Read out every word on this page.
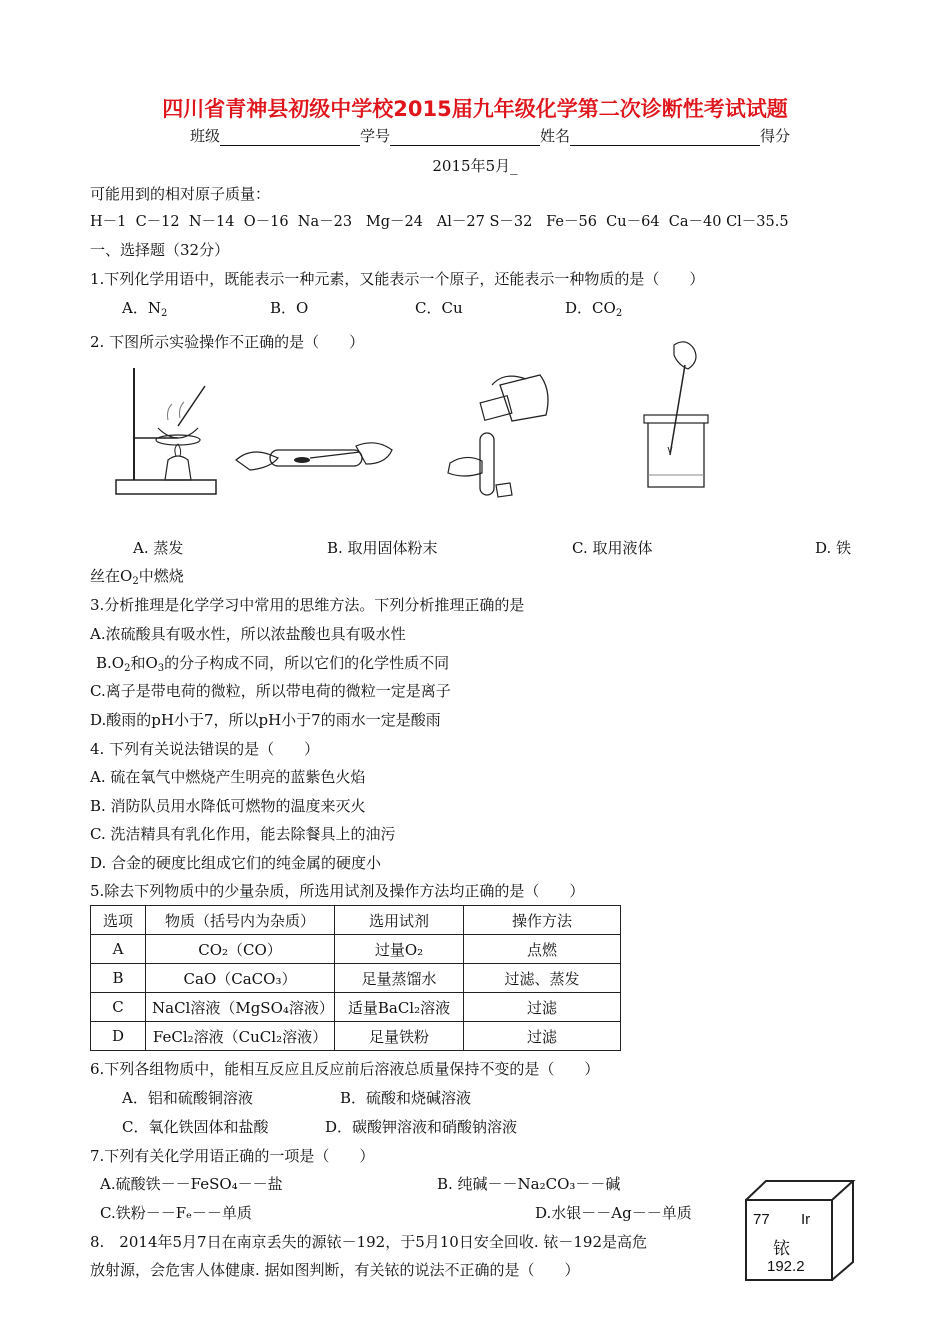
四川省青神县初级中学校2015届九年级化学第二次诊断性考试试题
班级	学号	姓名	得分
2015年5月_
可能用到的相对原子质量：
H－1  C－12  N－14  O－16  Na－23   Mg－24   Al－27 S－32   Fe－56  Cu－64  Ca－40 Cl－35.5
一、选择题（32分）
1.下列化学用语中，既能表示一种元素，又能表示一个原子，还能表示一种物质的是（　　）
A．$N_2$	B．O	C．Cu	D．$CO_2$
2. 下图所示实验操作不正确的是（　　）
A. 蒸发	B. 取用固体粉末	C. 取用液体	D. 铁
丝在$O_2$中燃烧
3.分析推理是化学学习中常用的思维方法。下列分析推理正确的是
A.浓硫酸具有吸水性，所以浓盐酸也具有吸水性
$B.O_2$和$O_3$的分子构成不同，所以它们的化学性质不同
C.离子是带电荷的微粒，所以带电荷的微粒一定是离子
D.酸雨的pH小于7，所以pH小于7的雨水一定是酸雨
4. 下列有关说法错误的是（　　）
A. 硫在氧气中燃烧产生明亮的蓝紫色火焰
B. 消防队员用水降低可燃物的温度来灭火
C. 洗洁精具有乳化作用，能去除餐具上的油污
D. 合金的硬度比组成它们的纯金属的硬度小
5.除去下列物质中的少量杂质，所选用试剂及操作方法均正确的是（　　）
选项	物质（括号内为杂质）	选用试剂	操作方法
A	CO₂（CO）	过量O₂	点燃
B	CaO（CaCO₃）	足量蒸馏水	过滤、蒸发
C	NaCl溶液（MgSO₄溶液）	适量BaCl₂溶液	过滤
D	FeCl₂溶液（CuCl₂溶液）	足量铁粉	过滤
6.下列各组物质中，能相互反应且反应前后溶液总质量保持不变的是（　　）
A．铝和硫酸铜溶液	B．硫酸和烧碱溶液
C．氧化铁固体和盐酸	D．碳酸钾溶液和硝酸钠溶液
7.下列有关化学用语正确的一项是（　　）
A.硫酸铁－－FeSO₄－－盐	B. 纯碱－－Na₂CO₃－－碱
C.铁粉－－Fₑ－－单质	D.水银－－Ag－－单质
8.　2014年5月7日在南京丢失的源铱－192，于5月10日安全回收. 铱－192是高危
放射源，会危害人体健康. 据如图判断，有关铱的说法不正确的是（　　）
77 Ir
铱
192.2
